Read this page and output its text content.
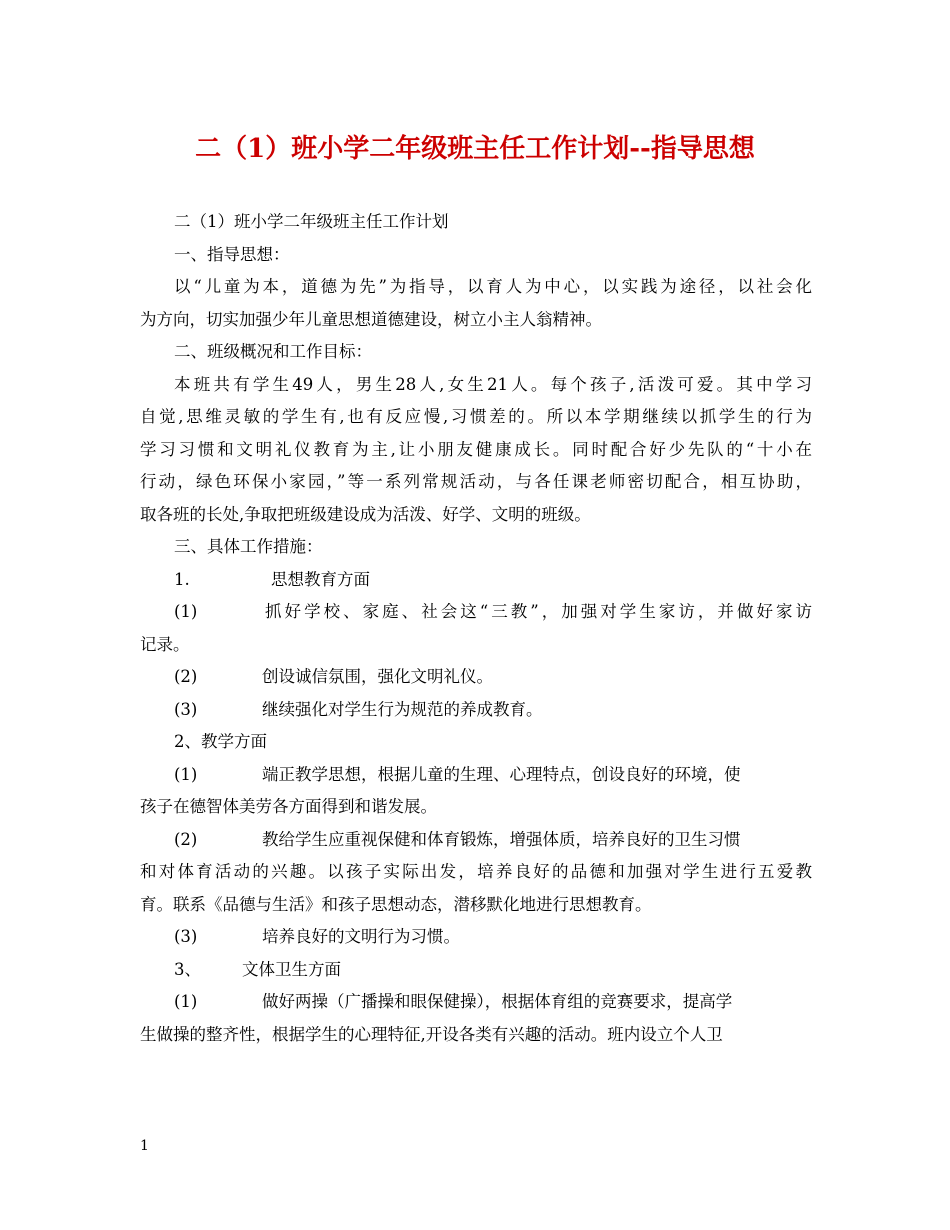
二（1）班小学二年级班主任工作计划--指导思想
二（1）班小学二年级班主任工作计划
一、指导思想：
以“儿童为本，道德为先”为指导，以育人为中心，以实践为途径，以社会化
为方向，切实加强少年儿童思想道德建设，树立小主人翁精神。
二、班级概况和工作目标：
本班共有学生49人，男生28人,女生21人。每个孩子,活泼可爱。其中学习
自觉,思维灵敏的学生有,也有反应慢,习惯差的。所以本学期继续以抓学生的行为
学习习惯和文明礼仪教育为主,让小朋友健康成长。同时配合好少先队的“十小在
行动，绿色环保小家园，”等一系列常规活动，与各任课老师密切配合，相互协助，
取各班的长处,争取把班级建设成为活泼、好学、文明的班级。
三、具体工作措施：
1.	思想教育方面
(1)	抓好学校、家庭、社会这“三教”，加强对学生家访，并做好家访
记录。
(2)	创设诚信氛围，强化文明礼仪。
(3)	继续强化对学生行为规范的养成教育。
2、教学方面
(1)	端正教学思想，根据儿童的生理、心理特点，创设良好的环境，使
孩子在德智体美劳各方面得到和谐发展。
(2)	教给学生应重视保健和体育锻炼，增强体质，培养良好的卫生习惯
和对体育活动的兴趣。以孩子实际出发，培养良好的品德和加强对学生进行五爱教
育。联系《品德与生活》和孩子思想动态，潜移默化地进行思想教育。
(3)	培养良好的文明行为习惯。
3、 文体卫生方面
(1)	做好两操（广播操和眼保健操），根据体育组的竞赛要求，提高学
生做操的整齐性，根据学生的心理特征,开设各类有兴趣的活动。班内设立个人卫
1
